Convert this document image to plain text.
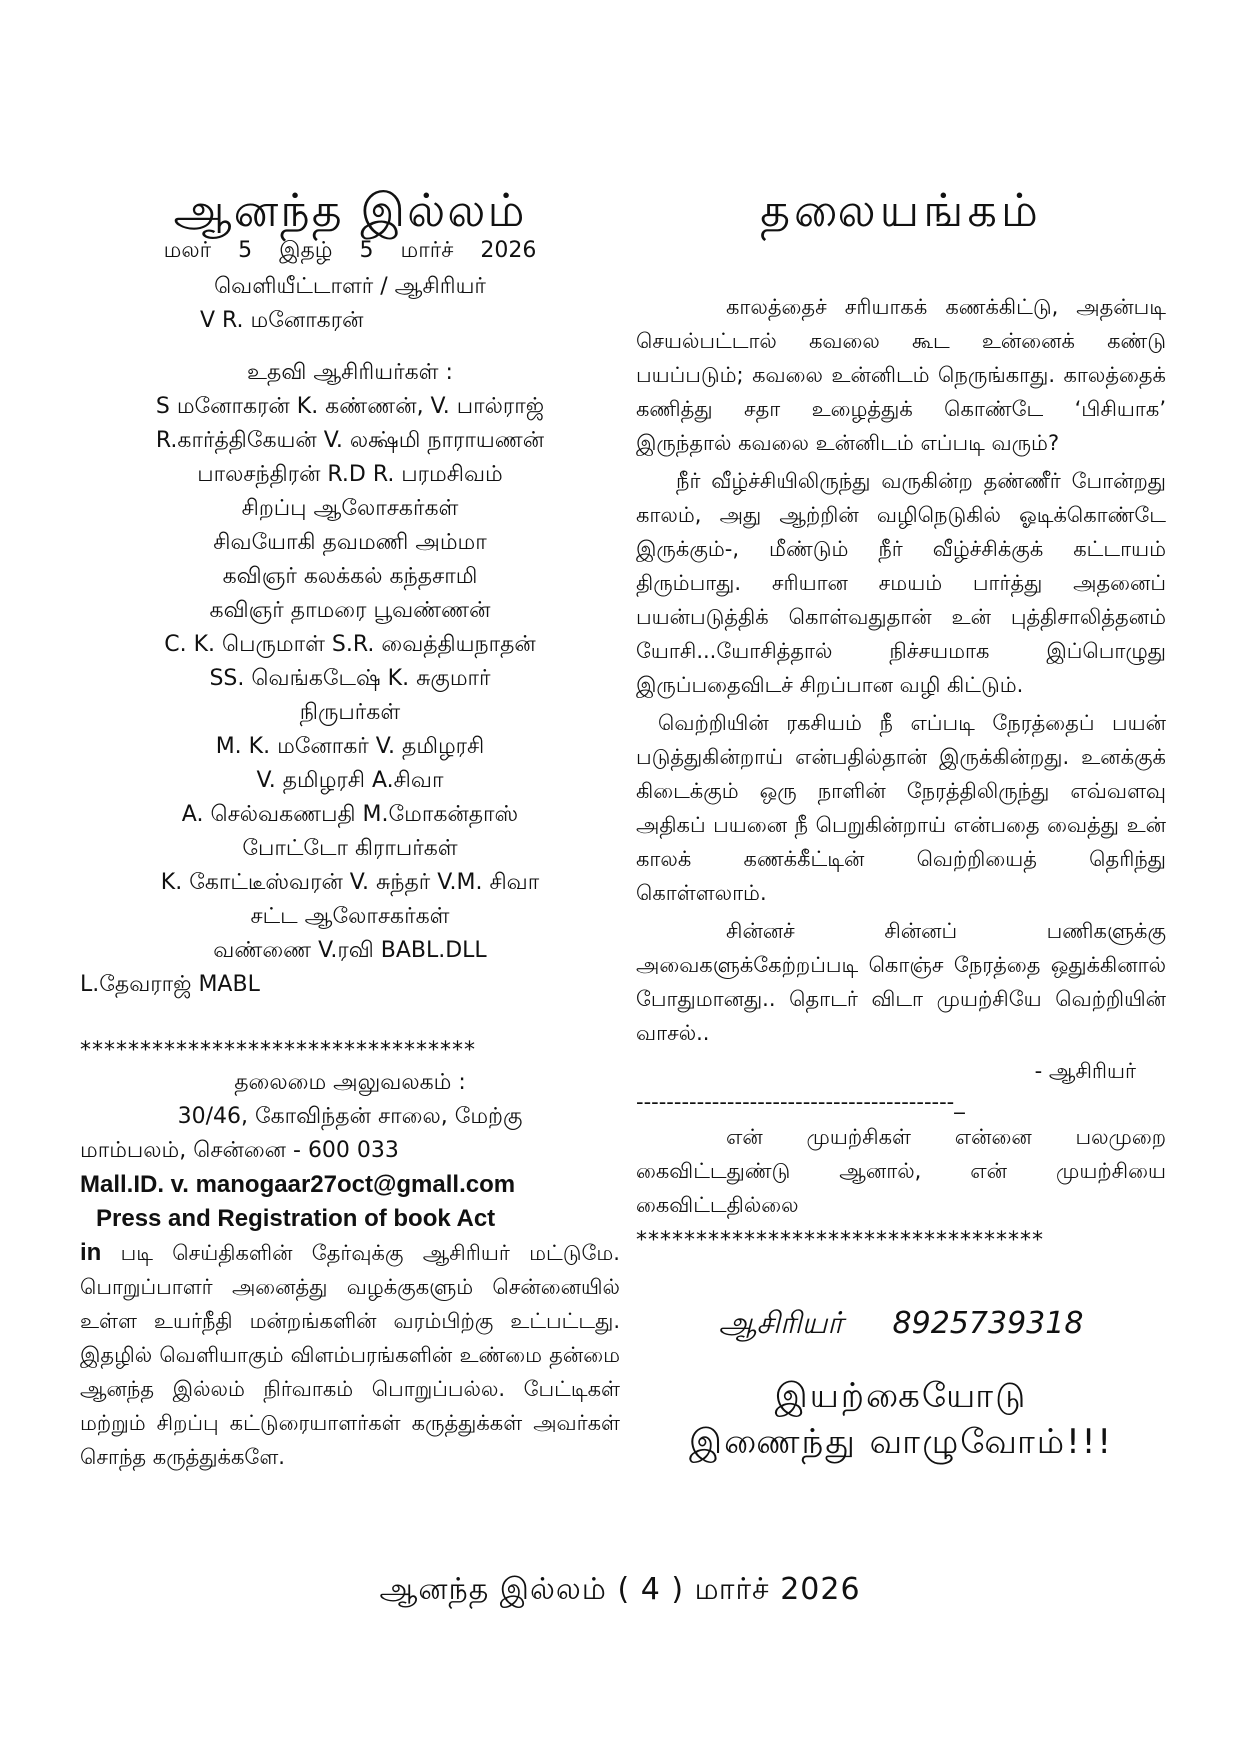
ஆனந்த இல்லம்
மலர் 5 இதழ் 5 மார்ச் 2026
வெளியீட்டாளர் / ஆசிரியர்
V R. மனோகரன்
உதவி ஆசிரியர்கள் :
S மனோகரன் K. கண்ணன், V. பால்ராஜ்
R.கார்த்திகேயன் V. லக்ஷ்மி நாராயணன்
பாலசந்திரன் R.D R. பரமசிவம்
சிறப்பு ஆலோசகர்கள்
சிவயோகி தவமணி அம்மா
கவிஞர் கலக்கல் கந்தசாமி
கவிஞர் தாமரை பூவண்ணன்
C. K. பெருமாள் S.R. வைத்தியநாதன்
SS. வெங்கடேஷ் K. சுகுமார்
நிருபர்கள்
M. K. மனோகர் V. தமிழரசி
V. தமிழரசி A.சிவா
A. செல்வகணபதி M.மோகன்தாஸ்
போட்டோ கிராபர்கள்
K. கோட்டீஸ்வரன் V. சுந்தர் V.M. சிவா
சட்ட ஆலோசகர்கள்
வண்ணை V.ரவி BABL.DLL
L.தேவராஜ் MABL
*********************************
தலைமை அலுவலகம் :
30/46, கோவிந்தன் சாலை, மேற்கு
மாம்பலம், சென்னை - 600 033
Mall.ID. v. manogaar27oct@gmall.com
Press and Registration of book Act
in படி செய்திகளின் தேர்வுக்கு ஆசிரியர் மட்டுமே. பொறுப்பாளர் அனைத்து வழக்குகளும் சென்னையில் உள்ள உயர்நீதி மன்றங்களின் வரம்பிற்கு உட்பட்டது. இதழில் வெளியாகும் விளம்பரங்களின் உண்மை தன்மை ஆனந்த இல்லம் நிர்வாகம் பொறுப்பல்ல. பேட்டிகள் மற்றும் சிறப்பு கட்டுரையாளர்கள் கருத்துக்கள் அவர்கள் சொந்த கருத்துக்களே.
தலையங்கம்

காலத்தைச் சரியாகக் கணக்கிட்டு, அதன்படி செயல்பட்டால் கவலை கூட உன்னைக் கண்டு பயப்படும்; கவலை உன்னிடம் நெருங்காது. காலத்தைக் கணித்து சதா உழைத்துக் கொண்டே ‘பிசியாக’ இருந்தால் கவலை உன்னிடம் எப்படி வரும்?

நீர் வீழ்ச்சியிலிருந்து வருகின்ற தண்ணீர் போன்றது காலம், அது ஆற்றின் வழிநெடுகில் ஓடிக்கொண்டே இருக்கும்-, மீண்டும் நீர் வீழ்ச்சிக்குக் கட்டாயம் திரும்பாது. சரியான சமயம் பார்த்து அதனைப் பயன்படுத்திக் கொள்வதுதான் உன் புத்திசாலித்தனம் யோசி...யோசித்தால் நிச்சயமாக இப்பொழுது இருப்பதைவிடச் சிறப்பான வழி கிட்டும்.

வெற்றியின் ரகசியம் நீ எப்படி நேரத்தைப் பயன் படுத்துகின்றாய் என்பதில்தான் இருக்கின்றது. உனக்குக் கிடைக்கும் ஒரு நாளின் நேரத்திலிருந்து எவ்வளவு அதிகப் பயனை நீ பெறுகின்றாய் என்பதை வைத்து உன் காலக் கணக்கீட்டின் வெற்றியைத் தெரிந்து கொள்ளலாம்.

சின்னச் சின்னப் பணிகளுக்கு அவைகளுக்கேற்றப்படி கொஞ்ச நேரத்தை ஒதுக்கினால் போதுமானது.. தொடர் விடா முயற்சியே வெற்றியின் வாசல்..

- ஆசிரியர்
------------------------------------------_

என் முயற்சிகள் என்னை பலமுறை கைவிட்டதுண்டு ஆனால், என் முயற்சியை கைவிட்டதில்லை

**********************************
ஆசிரியர் 8925739318
இயற்கையோடு
இணைந்து வாழுவோம்!!!
ஆனந்த இல்லம் ( 4 ) மார்ச் 2026
